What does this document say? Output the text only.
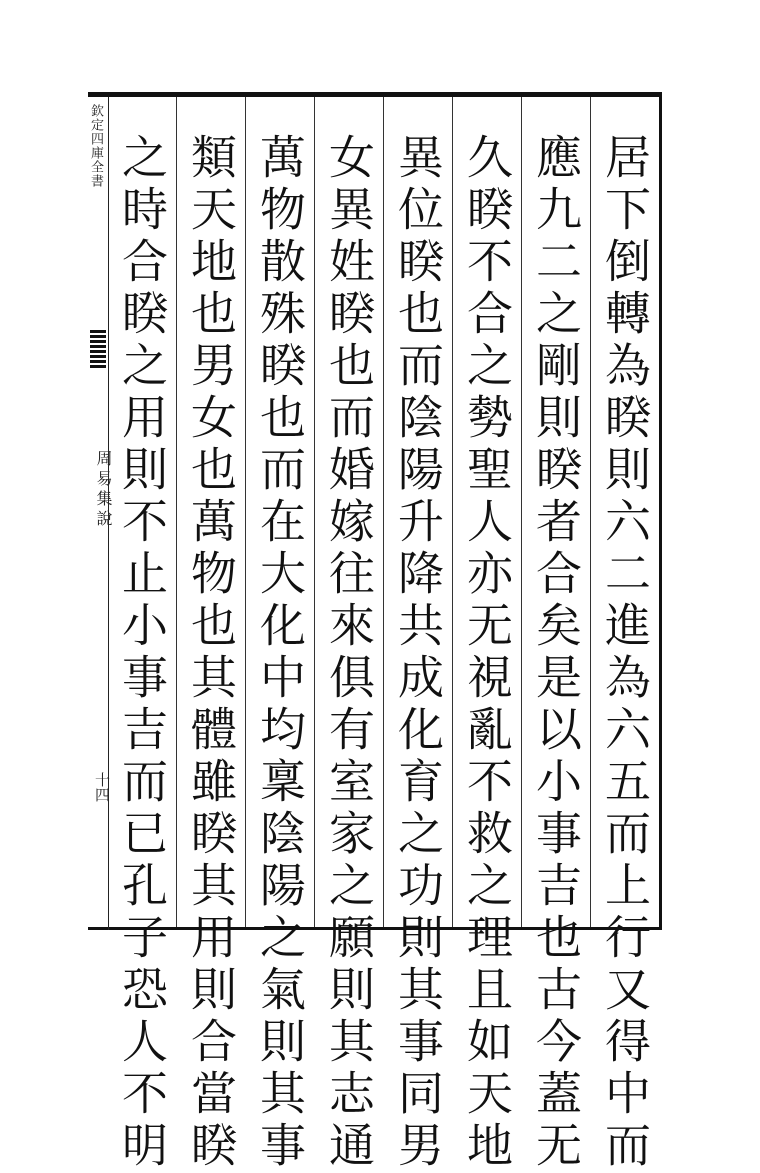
欽定四庫全書
周易集說
十四	居下倒轉為睽則六二進為六五而上行又得中而
應九二之剛則睽者合矣是以小事吉也古今蓋无
久睽不合之勢聖人亦无視亂不救之理且如天地
異位睽也而陰陽升降共成化育之功則其事同男
女異姓睽也而婚嫁往來俱有室家之願則其志通
萬物散殊睽也而在大化中均稟陰陽之氣則其事
類天地也男女也萬物也其體雖睽其用則合當睽
之時合睽之用則不止小事吉而已孔子恐人不明
